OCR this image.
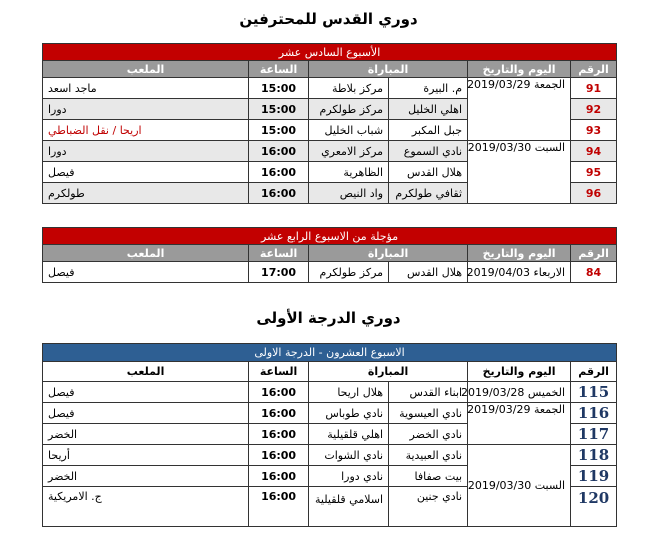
دوري القدس للمحترفين
الأسبوع السادس عشر					
الرقم	اليوم والتاريخ	المباراة		الساعة	الملعب
91	الجمعة 2019/03/29	م. البيرة	مركز بلاطة	15:00	ماجد اسعد
92		اهلي الخليل	مركز طولكرم	15:00	دورا
93		جبل المكبر	شباب الخليل	15:00	اريحا / نقل الضباطي
94	السبت 2019/03/30	نادي السموع	مركز الامعري	16:00	دورا
95		هلال القدس	الظاهرية	16:00	فيصل
96		ثقافي طولكرم	واد النيص	16:00	طولكرم
مؤجلة من الاسبوع الرابع عشر					
الرقم	اليوم والتاريخ	المباراة		الساعة	الملعب
84	الاربعاء 2019/04/03	هلال القدس	مركز طولكرم	17:00	فيصل
دوري الدرجة الأولى
الاسبوع العشرون - الدرجة الاولى					
الرقم	اليوم والتاريخ	المباراة		الساعة	الملعب
115	الخميس 2019/03/28	ابناء القدس	هلال اريحا	16:00	فيصل
116	الجمعة 2019/03/29	نادي العيسوية	نادي طوباس	16:00	فيصل
117		نادي الخضر	اهلي قلقيلية	16:00	الخضر
118	السبت 2019/03/30	نادي العبيدية	نادي الشوات	16:00	أريحا
119		بيت صفافا	نادي دورا	16:00	الخضر
120		نادي جنين	اسلامي قلقيلية	16:00	ج. الامريكية
